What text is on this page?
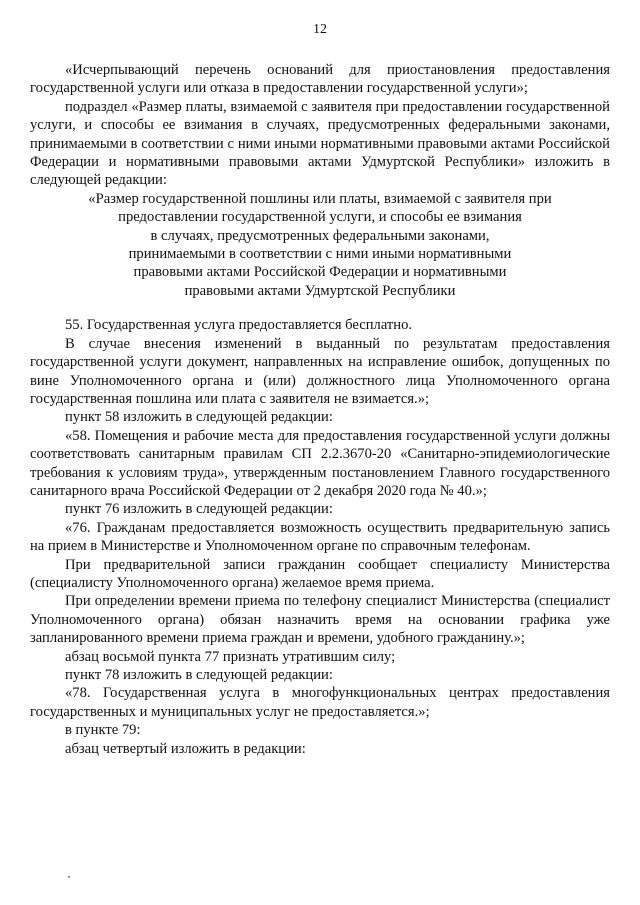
12

«Исчерпывающий перечень оснований для приостановления предоставления государственной услуги или отказа в предоставлении государственной услуги»;

подраздел «Размер платы, взимаемой с заявителя при предоставлении государственной услуги, и способы ее взимания в случаях, предусмотренных федеральными законами, принимаемыми в соответствии с ними иными нормативными правовыми актами Российской Федерации и нормативными правовыми актами Удмуртской Республики» изложить в следующей редакции:

«Размер государственной пошлины или платы, взимаемой с заявителя при

предоставлении государственной услуги, и способы ее взимания

в случаях, предусмотренных федеральными законами,

принимаемыми в соответствии с ними иными нормативными

правовыми актами Российской Федерации и нормативными

правовыми актами Удмуртской Республики

55. Государственная услуга предоставляется бесплатно.

В случае внесения изменений в выданный по результатам предоставления государственной услуги документ, направленных на исправление ошибок, допущенных по вине Уполномоченного органа и (или) должностного лица Уполномоченного органа государственная пошлина или плата с заявителя не взимается.»;

пункт 58 изложить в следующей редакции:

«58. Помещения и рабочие места для предоставления государственной услуги должны соответствовать санитарным правилам СП 2.2.3670-20 «Санитарно-эпидемиологические требования к условиям труда», утвержденным постановлением Главного государственного санитарного врача Российской Федерации от 2 декабря 2020 года № 40.»;

пункт 76 изложить в следующей редакции:

«76. Гражданам предоставляется возможность осуществить предварительную запись на прием в Министерстве и Уполномоченном органе по справочным телефонам.

При предварительной записи гражданин сообщает специалисту Министерства (специалисту Уполномоченного органа) желаемое время приема.

При определении времени приема по телефону специалист Министерства (специалист Уполномоченного органа) обязан назначить время на основании графика уже запланированного времени приема граждан и времени, удобного гражданину.»;

абзац восьмой пункта 77 признать утратившим силу;

пункт 78 изложить в следующей редакции:

«78. Государственная услуга в многофункциональных центрах предоставления государственных и муниципальных услуг не предоставляется.»;

в пункте 79:

абзац четвертый изложить в редакции:
